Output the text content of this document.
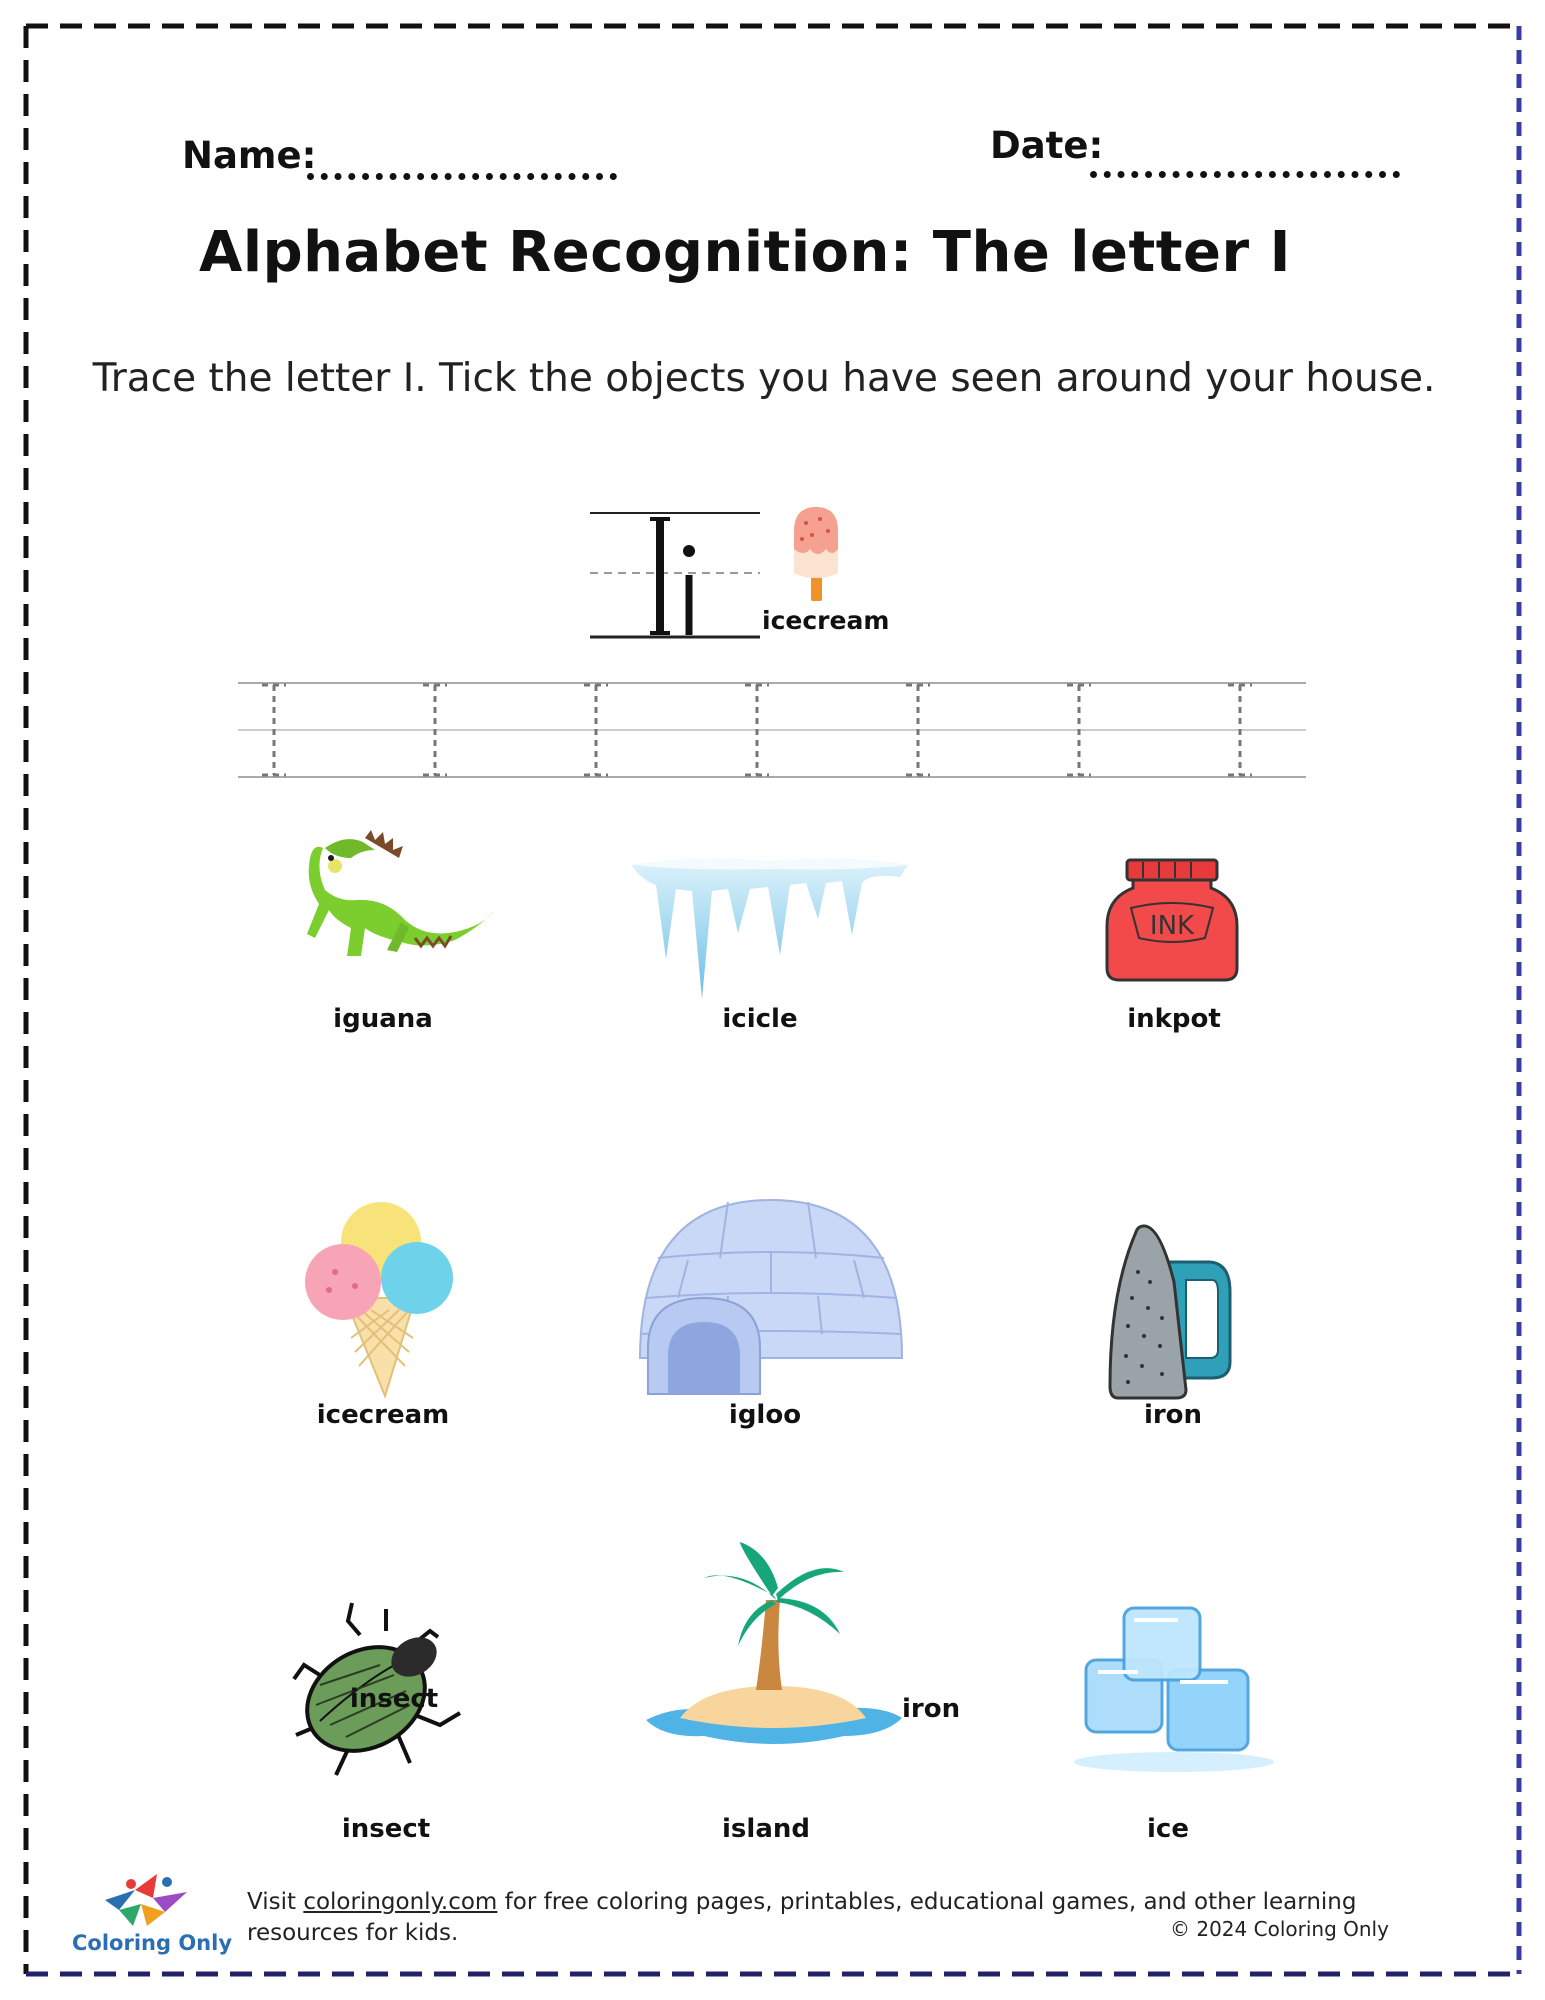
Name:	Date:
Alphabet Recognition: The letter I
Trace the letter I. Tick the objects you have seen around your house.
icecream
iguana	icicle
INK
inkpot
icecream	igloo	iron
insect
insect
iron
island	ice
Coloring Only
Visit coloringonly.com for free coloring pages, printables, educational games, and other learning resources for kids.	© 2024 Coloring Only
